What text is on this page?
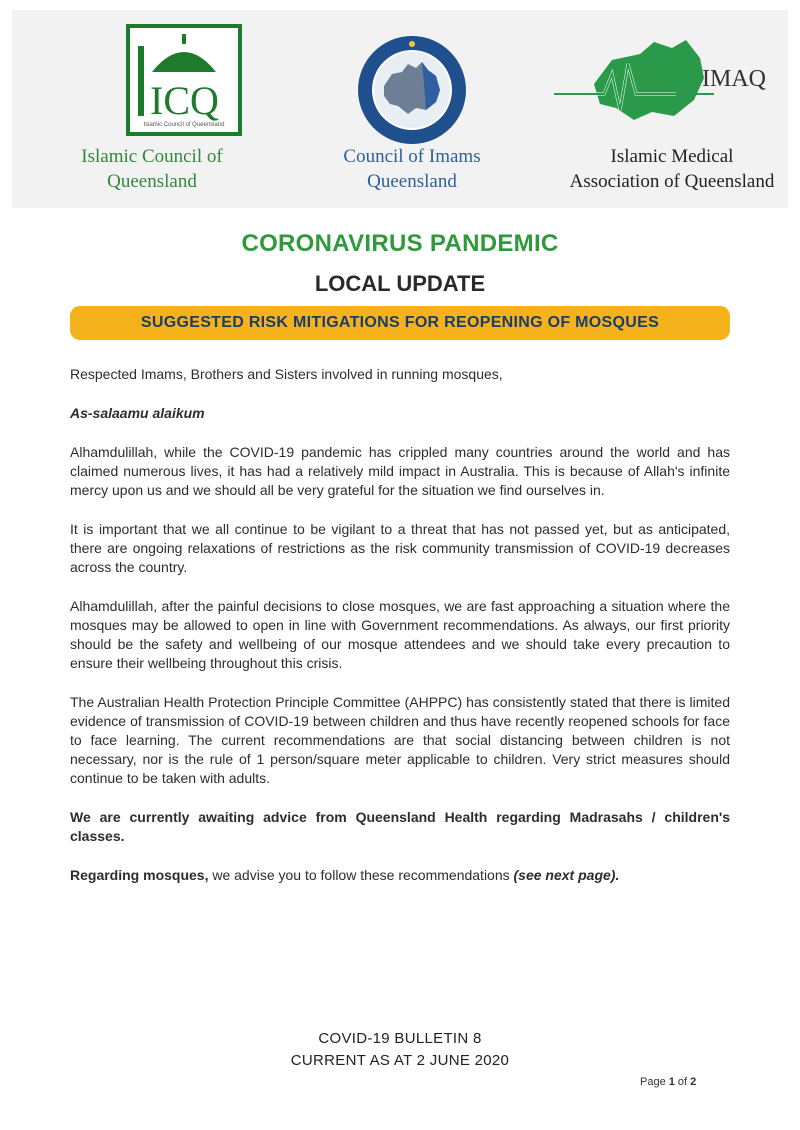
ICQ
Islamic Council of Queensland
Islamic Council of
Queensland
Council of Imams
Queensland
IMAQ
Islamic Medical
Association of Queensland
CORONAVIRUS PANDEMIC
LOCAL UPDATE
SUGGESTED RISK MITIGATIONS FOR REOPENING OF MOSQUES

Respected Imams, Brothers and Sisters involved in running mosques,

As-salaamu alaikum

Alhamdulillah, while the COVID-19 pandemic has crippled many countries around the world and has claimed numerous lives, it has had a relatively mild impact in Australia. This is because of Allah's infinite mercy upon us and we should all be very grateful for the situation we find ourselves in.

It is important that we all continue to be vigilant to a threat that has not passed yet, but as anticipated, there are ongoing relaxations of restrictions as the risk community transmission of COVID-19 decreases across the country.

Alhamdulillah, after the painful decisions to close mosques, we are fast approaching a situation where the mosques may be allowed to open in line with Government recommendations. As always, our first priority should be the safety and wellbeing of our mosque attendees and we should take every precaution to ensure their wellbeing throughout this crisis.

The Australian Health Protection Principle Committee (AHPPC) has consistently stated that there is limited evidence of transmission of COVID-19 between children and thus have recently reopened schools for face to face learning. The current recommendations are that social distancing between children is not necessary, nor is the rule of 1 person/square meter applicable to children. Very strict measures should continue to be taken with adults.

We are currently awaiting advice from Queensland Health regarding Madrasahs / children's classes.

Regarding mosques, we advise you to follow these recommendations (see next page).

COVID-19 BULLETIN 8
CURRENT AS AT 2 JUNE 2020
Page 1 of 2
